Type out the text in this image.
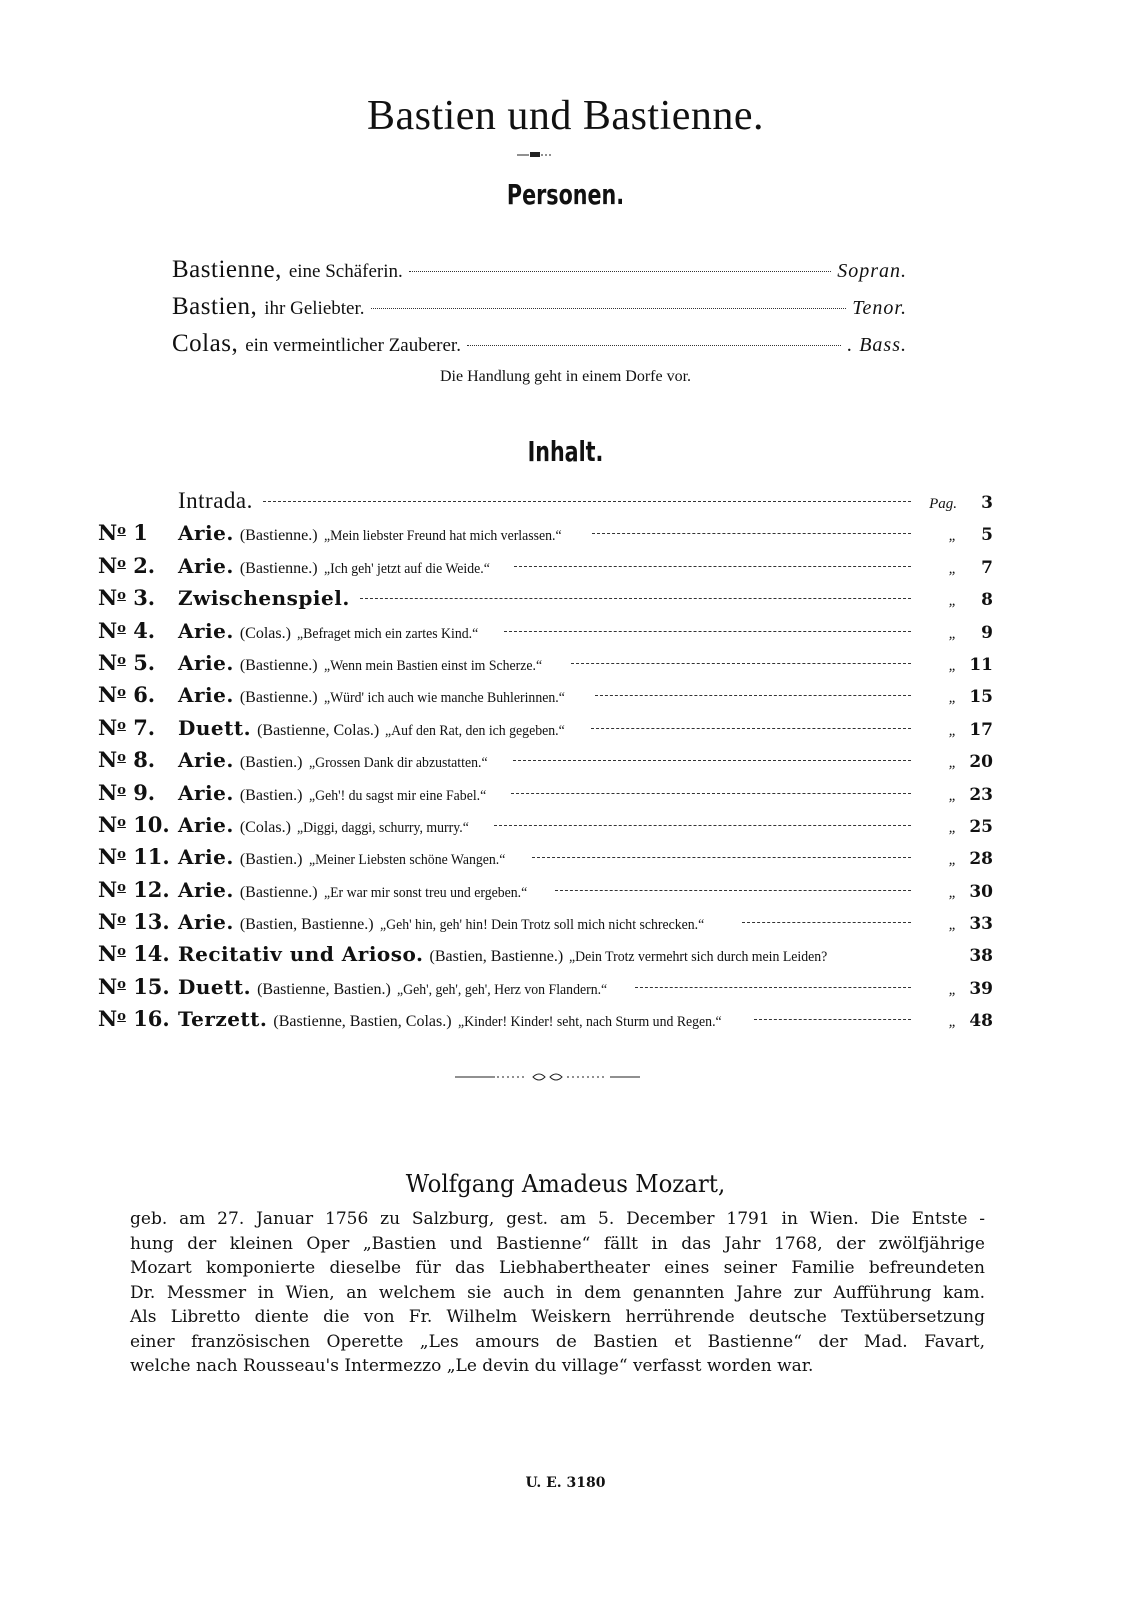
Bastien und Bastienne.
Personen.
Bastienne, eine Schäferin.	Sopran.
Bastien, ihr Geliebter.	Tenor.
Colas, ein vermeintlicher Zauberer.	. Bass.
Die Handlung geht in einem Dorfe vor.
Inhalt.
Intrada.	Pag.	3
$N^o$ 1	Arie. (Bastienne.) „Mein liebster Freund hat mich verlassen.“	„	5
$N^o$ 2.	Arie. (Bastienne.) „Ich geh' jetzt auf die Weide.“	„	7
$N^o$ 3.	Zwischenspiel.	„	8
$N^o$ 4.	Arie. (Colas.) „Befraget mich ein zartes Kind.“	„	9
$N^o$ 5.	Arie. (Bastienne.) „Wenn mein Bastien einst im Scherze.“	„ 11
$N^o$ 6.	Arie. (Bastienne.) „Würd' ich auch wie manche Buhlerinnen.“	„ 15
$N^o$ 7.	Duett. (Bastienne, Colas.) „Auf den Rat, den ich gegeben.“	„ 17
$N^o$ 8.	Arie. (Bastien.) „Grossen Dank dir abzustatten.“	„ 20
$N^o$ 9.	Arie. (Bastien.) „Geh'! du sagst mir eine Fabel.“	„ 23
$N^o$ 10. Arie. (Colas.) „Diggi, daggi, schurry, murry.“	„ 25
$N^o$ 11. Arie. (Bastien.) „Meiner Liebsten schöne Wangen.“	„ 28
$N^o$ 12. Arie. (Bastienne.) „Er war mir sonst treu und ergeben.“	„ 30
$N^o$ 13. Arie. (Bastien, Bastienne.) „Geh' hin, geh' hin! Dein Trotz soll mich nicht schrecken.“	„ 33
$N^o$ 14. Recitativ und Arioso. (Bastien, Bastienne.) „Dein Trotz vermehrt sich durch mein Leiden?	38
$N^o$ 15. Duett. (Bastienne, Bastien.) „Geh', geh', geh', Herz von Flandern.“	„ 39
$N^o$ 16. Terzett. (Bastienne, Bastien, Colas.) „Kinder! Kinder! seht, nach Sturm und Regen.“	„ 48
Wolfgang Amadeus Mozart,
geb. am 27. Januar 1756 zu Salzburg, gest. am 5. December 1791 in Wien. Die Entste -
hung der kleinen Oper „Bastien und Bastienne“ fällt in das Jahr 1768, der zwölfjährige
Mozart komponierte dieselbe für das Liebhabertheater eines seiner Familie befreundeten
Dr. Messmer in Wien, an welchem sie auch in dem genannten Jahre zur Aufführung kam.
Als Libretto diente die von Fr. Wilhelm Weiskern herrührende deutsche Textübersetzung
einer französischen Operette „Les amours de Bastien et Bastienne“ der Mad. Favart,
welche nach Rousseau's Intermezzo „Le devin du village“ verfasst worden war.
U. E. 3180
